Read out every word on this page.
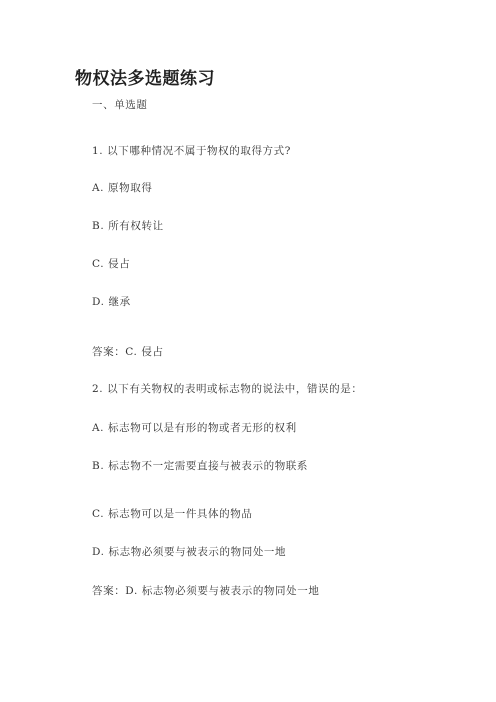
物权法多选题练习
一、单选题
1. 以下哪种情况不属于物权的取得方式?
A. 原物取得
B. 所有权转让
C. 侵占
D. 继承
答案：C. 侵占
2. 以下有关物权的表明或标志物的说法中，错误的是：
A. 标志物可以是有形的物或者无形的权利
B. 标志物不一定需要直接与被表示的物联系
C. 标志物可以是一件具体的物品
D. 标志物必须要与被表示的物同处一地
答案：D. 标志物必须要与被表示的物同处一地
